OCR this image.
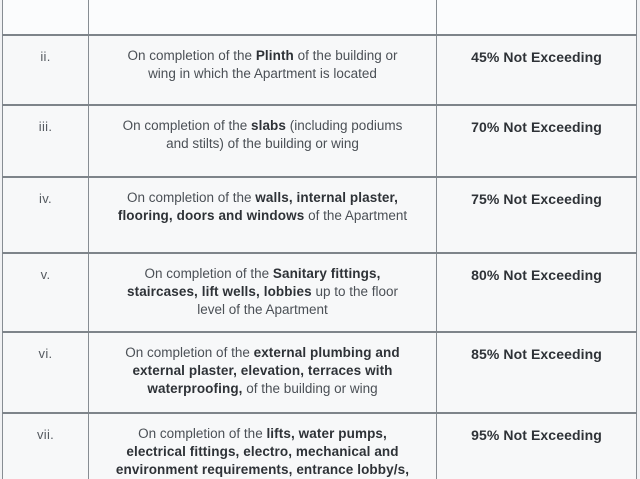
ii.	On completion of the Plinth of the building or wing in which the Apartment is located	45% Not Exceeding
iii.	On completion of the slabs (including podiums and stilts) of the building or wing	70% Not Exceeding
iv.	On completion of the walls, internal plaster, flooring, doors and windows of the Apartment	75% Not Exceeding
v.	On completion of the Sanitary fittings, staircases, lift wells, lobbies up to the floor level of the Apartment	80% Not Exceeding
vi.	On completion of the external plumbing and external plaster, elevation, terraces with waterproofing, of the building or wing	85% Not Exceeding
vii.	On completion of the lifts, water pumps, electrical fittings, electro, mechanical and environment requirements, entrance lobby/s,	95% Not Exceeding
